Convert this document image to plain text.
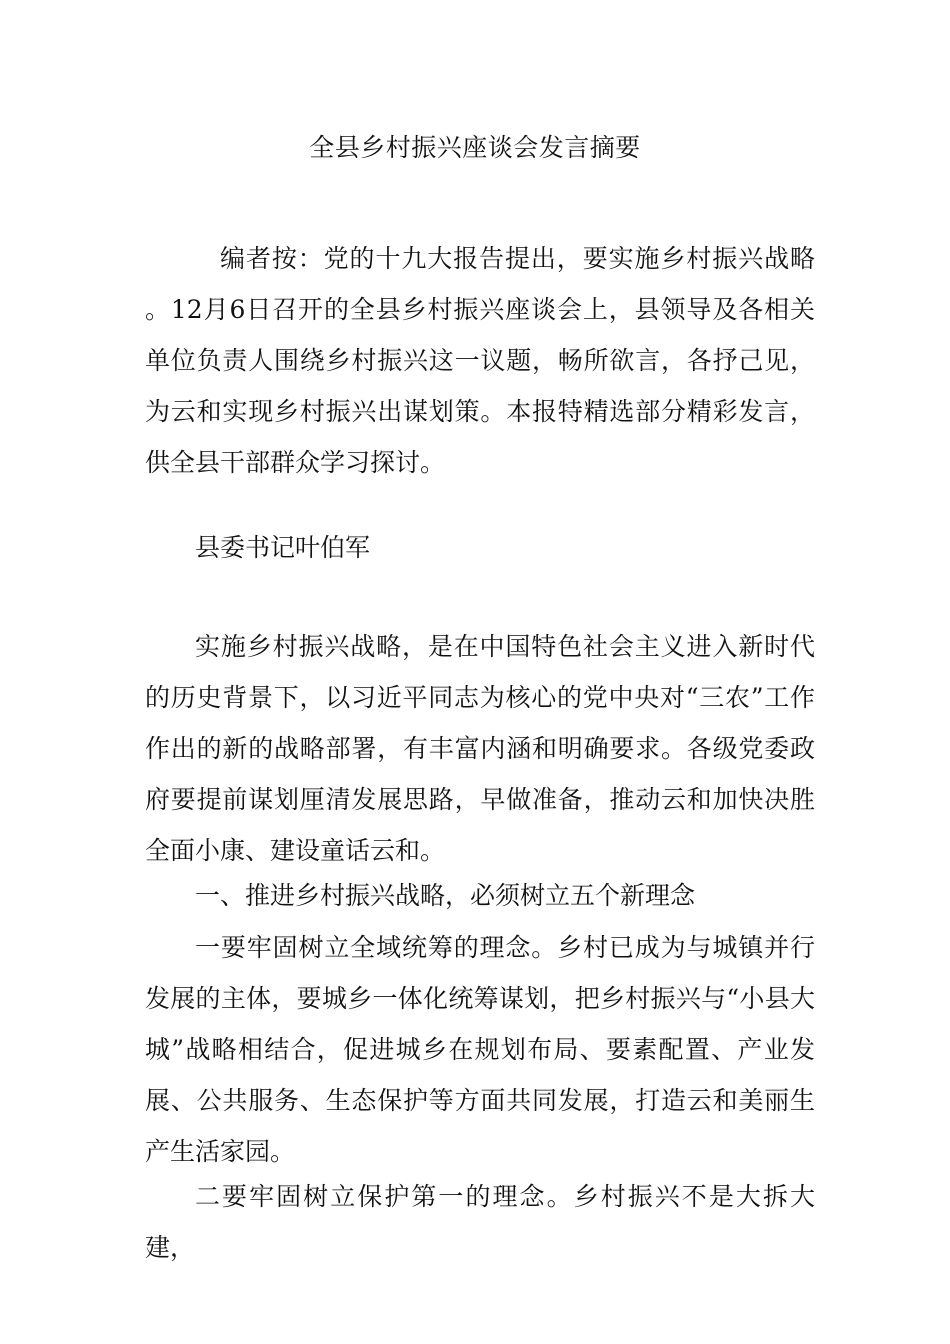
全县乡村振兴座谈会发言摘要

编者按：党的十九大报告提出，要实施乡村振兴战略 。12月6日召开的全县乡村振兴座谈会上，县领导及各相关单位负责人围绕乡村振兴这一议题，畅所欲言，各抒己见，为云和实现乡村振兴出谋划策。本报特精选部分精彩发言，供全县干部群众学习探讨。

县委书记叶伯军

实施乡村振兴战略，是在中国特色社会主义进入新时代的历史背景下，以习近平同志为核心的党中央对“三农”工作作出的新的战略部署，有丰富内涵和明确要求。各级党委政府要提前谋划厘清发展思路，早做准备，推动云和加快决胜全面小康、建设童话云和。

一、推进乡村振兴战略，必须树立五个新理念

一要牢固树立全域统筹的理念。乡村已成为与城镇并行发展的主体，要城乡一体化统筹谋划，把乡村振兴与“小县大城”战略相结合，促进城乡在规划布局、要素配置、产业发展、公共服务、生态保护等方面共同发展，打造云和美丽生产生活家园。

二要牢固树立保护第一的理念。乡村振兴不是大拆大建，
